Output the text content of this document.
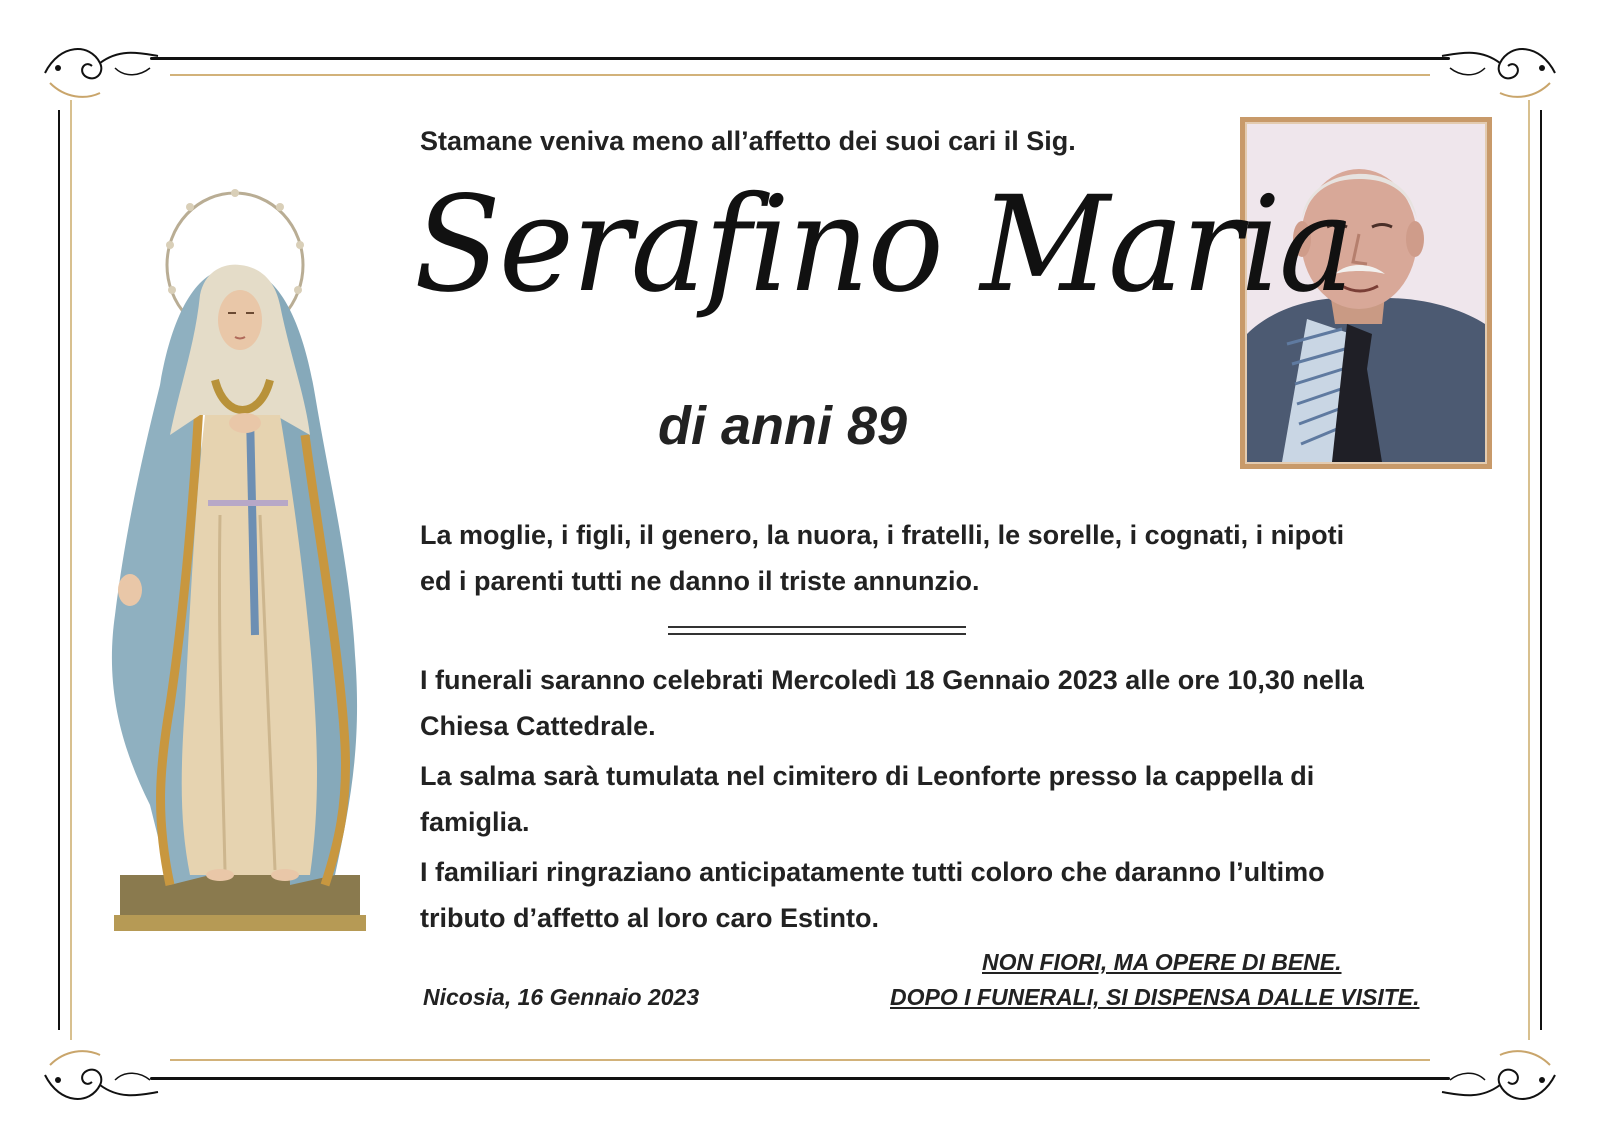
Stamane veniva meno all’affetto dei suoi cari il Sig.
Serafino Maria
di anni 89
La moglie, i figli, il genero, la nuora, i fratelli, le sorelle, i cognati, i nipoti
ed i parenti tutti ne danno il triste annunzio.
I funerali saranno celebrati Mercoledì 18 Gennaio 2023 alle ore 10,30 nella
Chiesa Cattedrale.
La salma sarà tumulata nel cimitero di Leonforte presso la cappella di
famiglia.
I familiari ringraziano anticipatamente tutti coloro che daranno l’ultimo
tributo d’affetto al loro caro Estinto.
Nicosia, 16 Gennaio 2023
NON FIORI, MA OPERE DI BENE.
DOPO I FUNERALI, SI DISPENSA DALLE VISITE.
